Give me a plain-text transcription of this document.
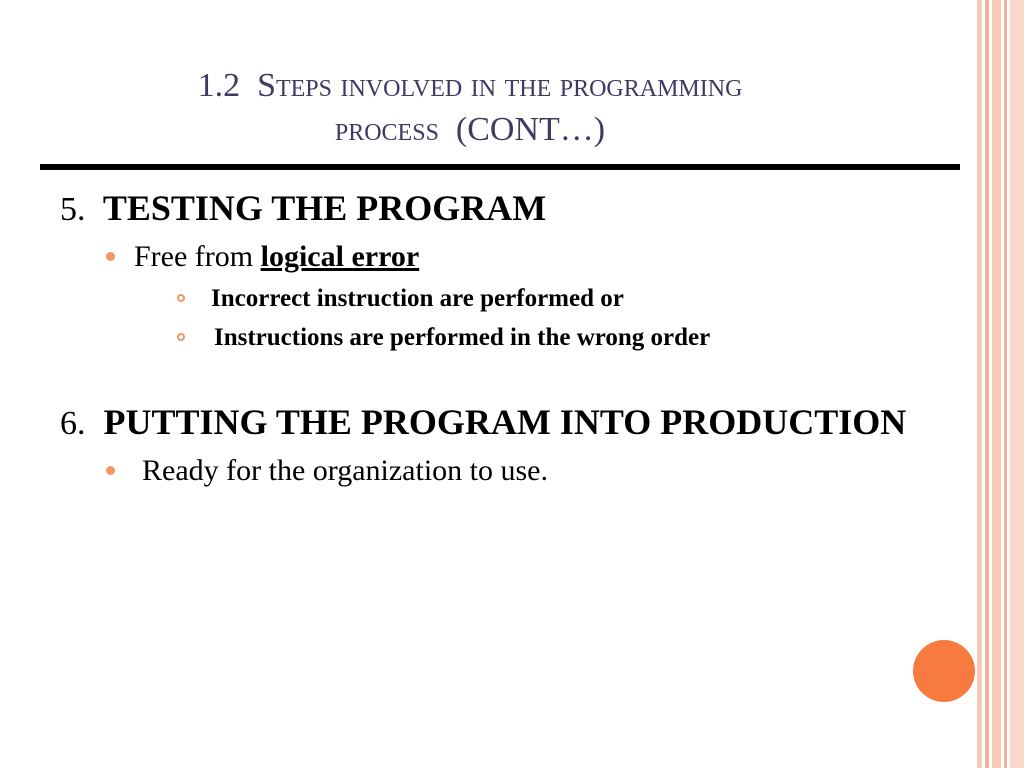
1.2 Steps involved in the programming
process (CONT…)

5. TESTING THE PROGRAM

Free from logical error

Incorrect instruction are performed or

Instructions are performed in the wrong order

6. PUTTING THE PROGRAM INTO PRODUCTION

Ready for the organization to use.
